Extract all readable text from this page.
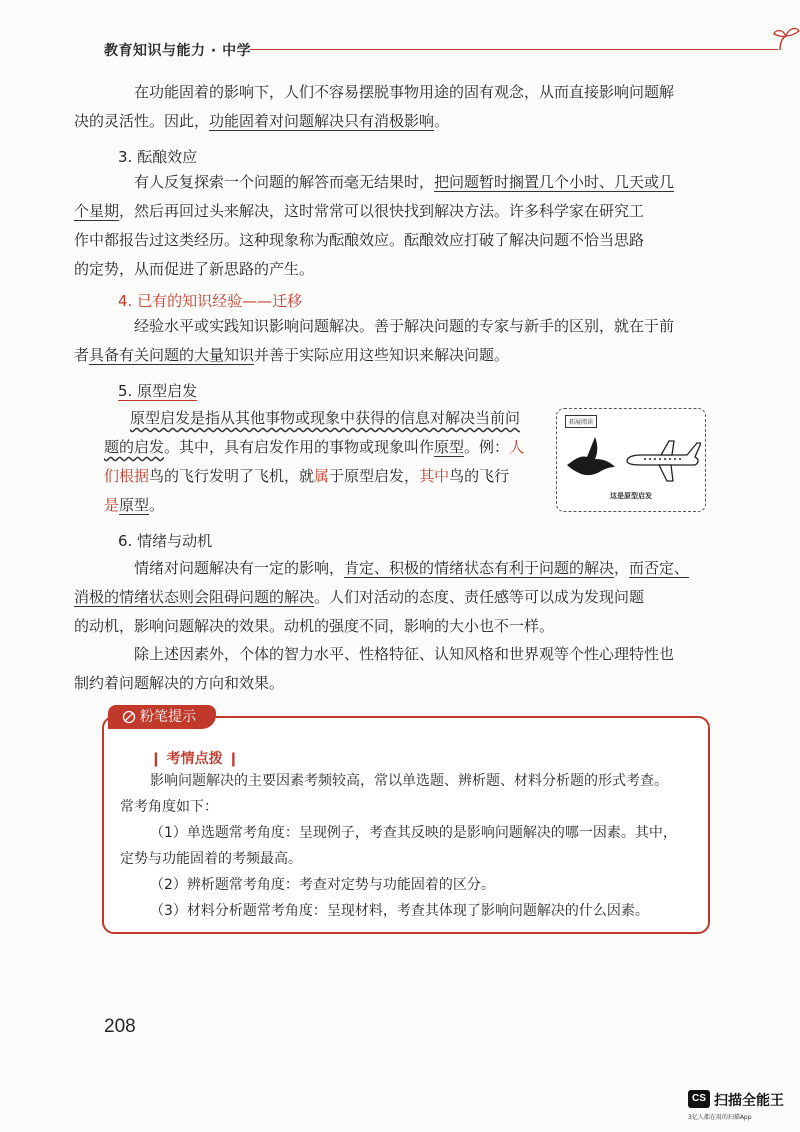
教育知识与能力 · 中学

在功能固着的影响下，人们不容易摆脱事物用途的固有观念，从而直接影响问题解
决的灵活性。因此，功能固着对问题解决只有消极影响。

3. 酝酿效应

有人反复探索一个问题的解答而毫无结果时，把问题暂时搁置几个小时、几天或几
个星期，然后再回过头来解决，这时常常可以很快找到解决方法。许多科学家在研究工
作中都报告过这类经历。这种现象称为酝酿效应。酝酿效应打破了解决问题不恰当思路
的定势，从而促进了新思路的产生。

4. 已有的知识经验——迁移

经验水平或实践知识影响问题解决。善于解决问题的专家与新手的区别，就在于前
者具备有关问题的大量知识并善于实际应用这些知识来解决问题。

5. 原型启发

原型启发是指从其他事物或现象中获得的信息对解决当前问
题的启发。其中，具有启发作用的事物或现象叫作原型。例：人
们根据鸟的飞行发明了飞机，就属于原型启发，其中鸟的飞行
是原型。

拓展阅读
这是原型启发

6. 情绪与动机

情绪对问题解决有一定的影响，肯定、积极的情绪状态有利于问题的解决，而否定、
消极的情绪状态则会阻碍问题的解决。人们对活动的态度、责任感等可以成为发现问题
的动机，影响问题解决的效果。动机的强度不同，影响的大小也不一样。

除上述因素外，个体的智力水平、性格特征、认知风格和世界观等个性心理特性也
制约着问题解决的方向和效果。

粉笔提示
❙ 考情点拨 ❙

影响问题解决的主要因素考频较高，常以单选题、辨析题、材料分析题的形式考查。

常考角度如下：

（1）单选题常考角度：呈现例子，考查其反映的是影响问题解决的哪一因素。其中，

定势与功能固着的考频最高。

（2）辨析题常考角度：考查对定势与功能固着的区分。

（3）材料分析题常考角度：呈现材料，考查其体现了影响问题解决的什么因素。

208
CS 扫描全能王
3亿人都在用的扫描App
